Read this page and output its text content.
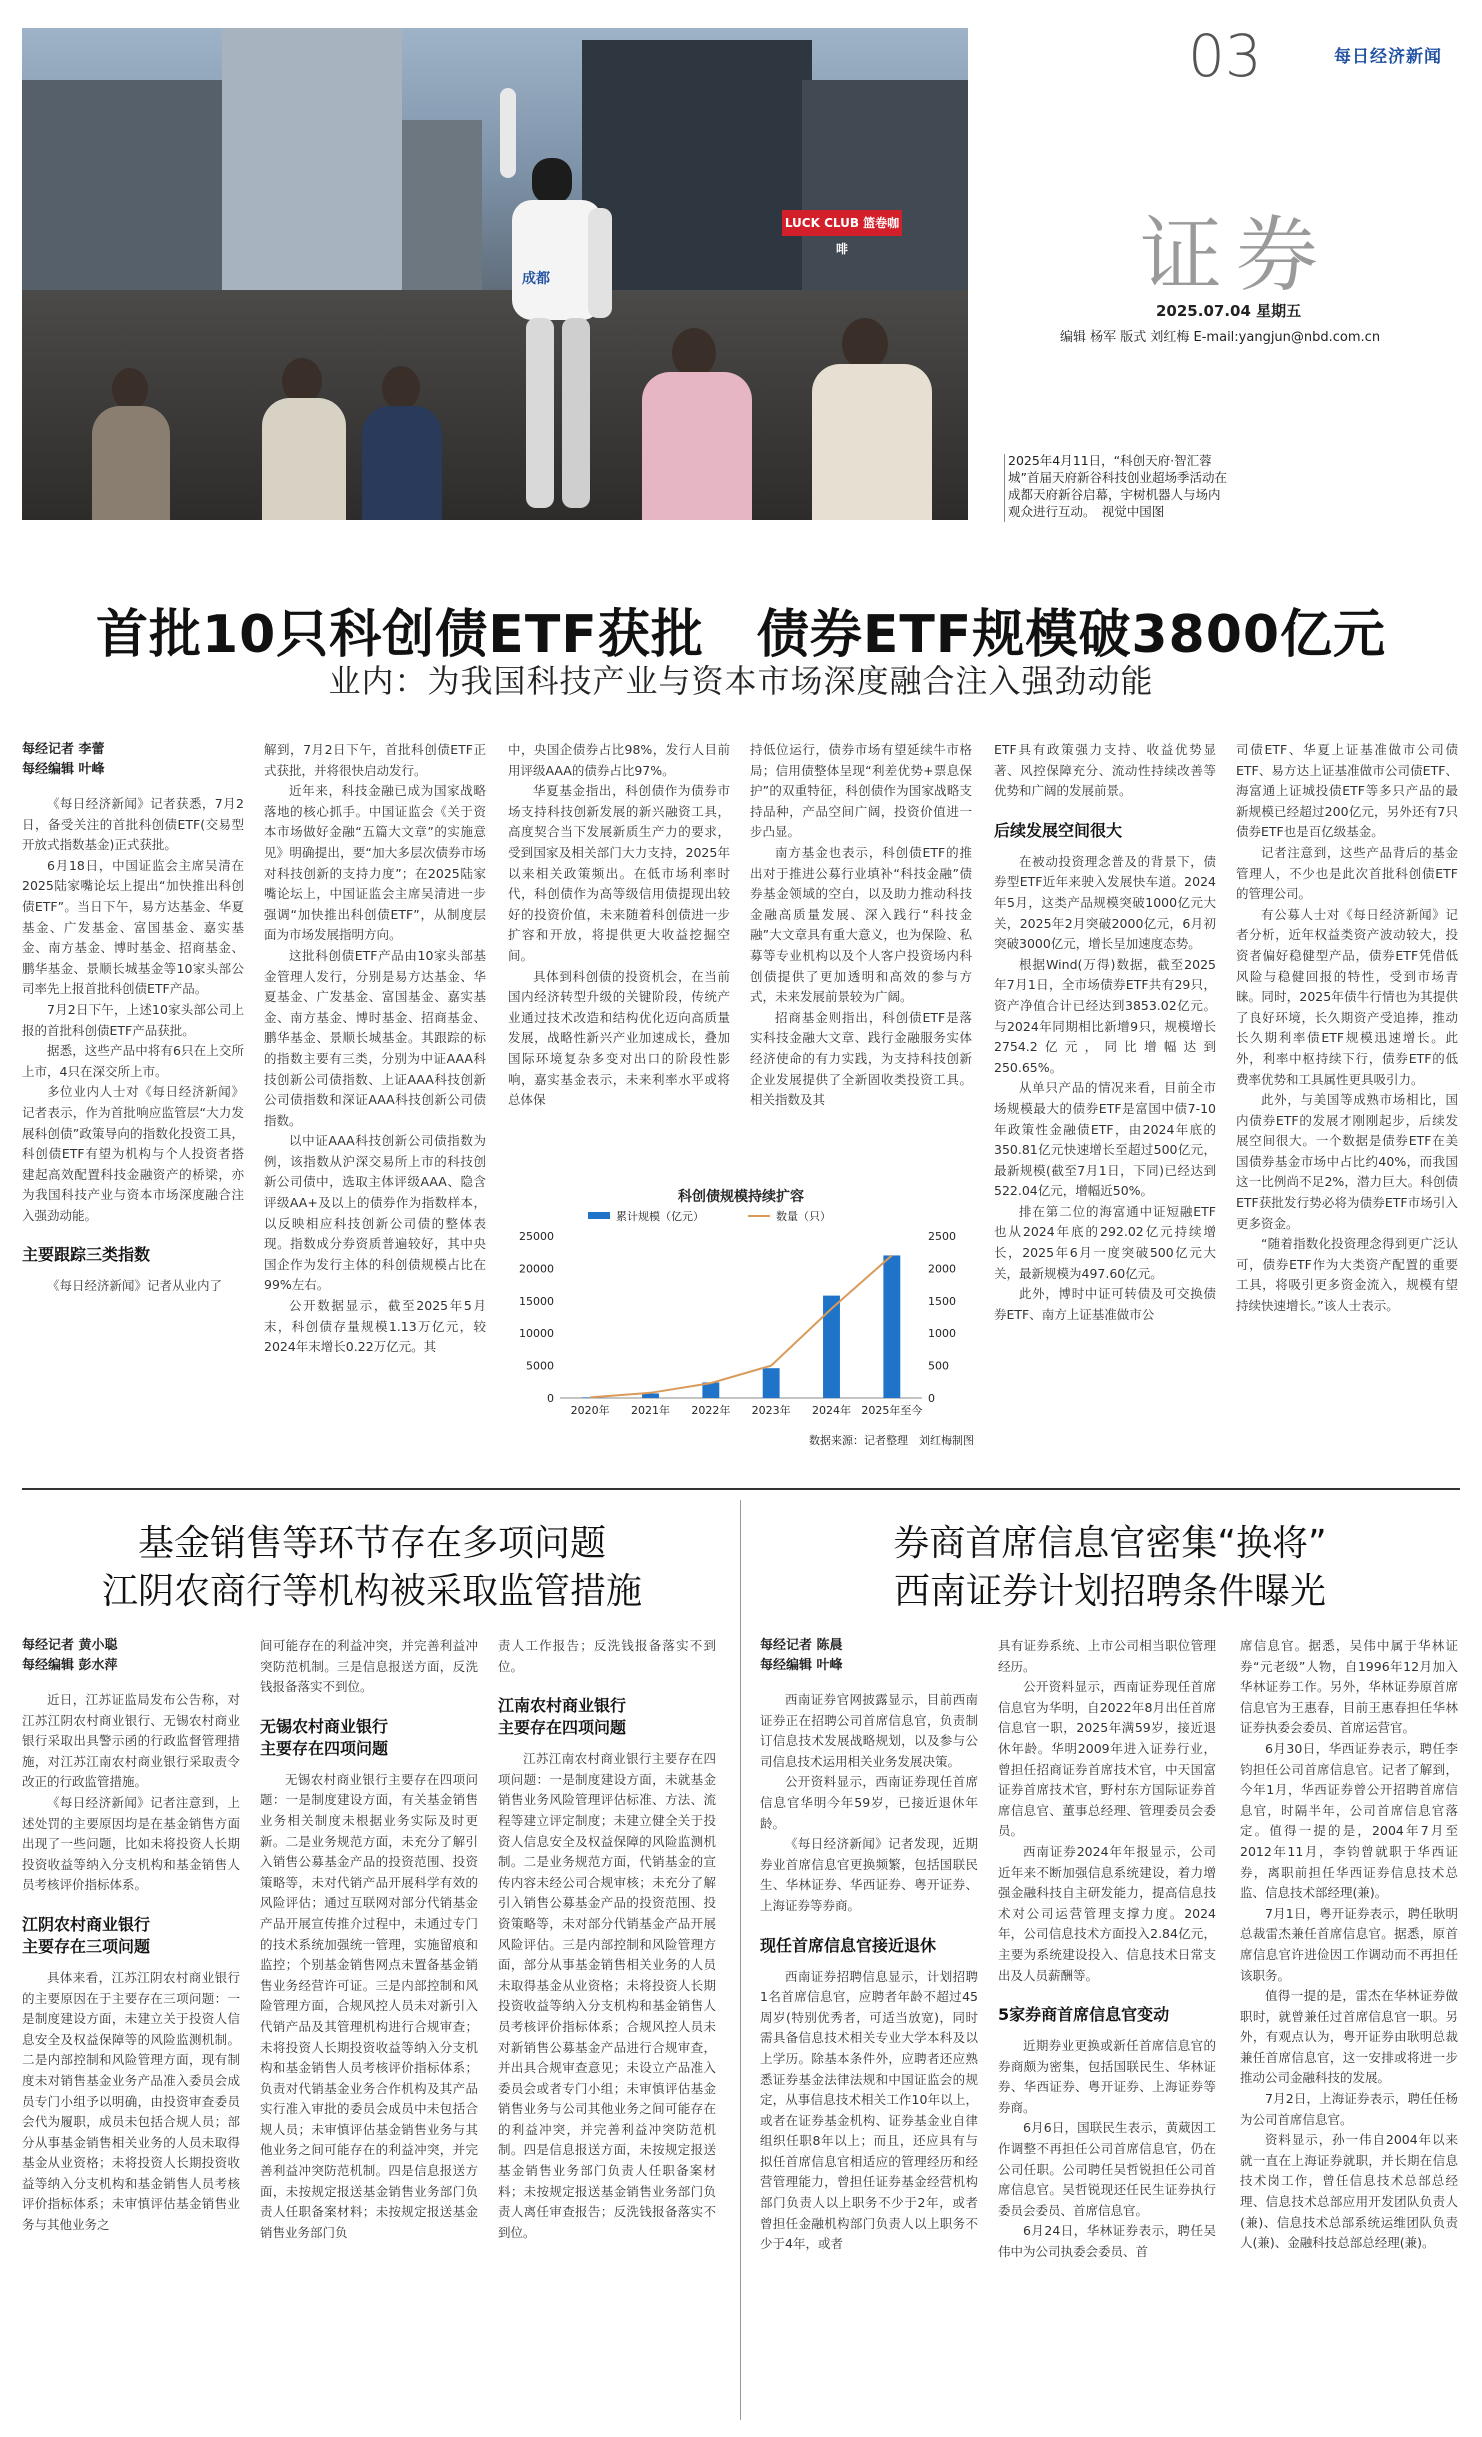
LUCK CLUB 篮卷咖啡
成都
03	每日经济新闻
证券
2025.07.04 星期五
编辑 杨军 版式 刘红梅 E-mail:yangjun@nbd.com.cn
2025年4月11日，“科创天府·智汇蓉城”首届天府新谷科技创业超场季活动在成都天府新谷启幕，宇树机器人与场内观众进行互动。　视觉中国图
首批10只科创债ETF获批　债券ETF规模破3800亿元
业内：为我国科技产业与资本市场深度融合注入强劲动能
每经记者 李蕾
每经编辑 叶峰

《每日经济新闻》记者获悉，7月2日，备受关注的首批科创债ETF(交易型开放式指数基金)正式获批。

6月18日，中国证监会主席吴清在2025陆家嘴论坛上提出“加快推出科创债ETF”。当日下午，易方达基金、华夏基金、广发基金、富国基金、嘉实基金、南方基金、博时基金、招商基金、鹏华基金、景顺长城基金等10家头部公司率先上报首批科创债ETF产品。

7月2日下午，上述10家头部公司上报的首批科创债ETF产品获批。

据悉，这些产品中将有6只在上交所上市，4只在深交所上市。

多位业内人士对《每日经济新闻》记者表示，作为首批响应监管层“大力发展科创债”政策导向的指数化投资工具，科创债ETF有望为机构与个人投资者搭建起高效配置科技金融资产的桥梁，亦为我国科技产业与资本市场深度融合注入强劲动能。

主要跟踪三类指数

《每日经济新闻》记者从业内了

解到，7月2日下午，首批科创债ETF正式获批，并将很快启动发行。

近年来，科技金融已成为国家战略落地的核心抓手。中国证监会《关于资本市场做好金融“五篇大文章”的实施意见》明确提出，要“加大多层次债券市场对科技创新的支持力度”；在2025陆家嘴论坛上，中国证监会主席吴清进一步强调“加快推出科创债ETF”，从制度层面为市场发展指明方向。

这批科创债ETF产品由10家头部基金管理人发行，分别是易方达基金、华夏基金、广发基金、富国基金、嘉实基金、南方基金、博时基金、招商基金、鹏华基金、景顺长城基金。其跟踪的标的指数主要有三类，分别为中证AAA科技创新公司债指数、上证AAA科技创新公司债指数和深证AAA科技创新公司债指数。

以中证AAA科技创新公司债指数为例，该指数从沪深交易所上市的科技创新公司债中，选取主体评级AAA、隐含评级AA+及以上的债券作为指数样本，以反映相应科技创新公司债的整体表现。指数成分券资质普遍较好，其中央国企作为发行主体的科创债规模占比在99%左右。

公开数据显示，截至2025年5月末，科创债存量规模1.13万亿元，较2024年末增长0.22万亿元。其

中，央国企债券占比98%，发行人目前用评级AAA的债券占比97%。

华夏基金指出，科创债作为债券市场支持科技创新发展的新兴融资工具，高度契合当下发展新质生产力的要求，受到国家及相关部门大力支持，2025年以来相关政策频出。在低市场利率时代，科创债作为高等级信用债提现出较好的投资价值，未来随着科创债进一步扩容和开放，将提供更大收益挖掘空间。

具体到科创债的投资机会，在当前国内经济转型升级的关键阶段，传统产业通过技术改造和结构优化迈向高质量发展，战略性新兴产业加速成长，叠加国际环境复杂多变对出口的阶段性影响，嘉实基金表示，未来利率水平或将总体保

持低位运行，债券市场有望延续牛市格局；信用债整体呈现“利差优势+票息保护”的双重特征，科创债作为国家战略支持品种，产品空间广阔，投资价值进一步凸显。

南方基金也表示，科创债ETF的推出对于推进公募行业填补“科技金融”债券基金领域的空白，以及助力推动科技金融高质量发展、深入践行“科技金融”大文章具有重大意义，也为保险、私募等专业机构以及个人客户投资场内科创债提供了更加透明和高效的参与方式，未来发展前景较为广阔。

招商基金则指出，科创债ETF是落实科技金融大文章、践行金融服务实体经济使命的有力实践，为支持科技创新企业发展提供了全新固收类投资工具。相关指数及其

ETF具有政策强力支持、收益优势显著、风控保障充分、流动性持续改善等优势和广阔的发展前景。

后续发展空间很大

在被动投资理念普及的背景下，债券型ETF近年来驶入发展快车道。2024年5月，这类产品规模突破1000亿元大关，2025年2月突破2000亿元，6月初突破3000亿元，增长呈加速度态势。

根据Wind(万得)数据，截至2025年7月1日，全市场债券ETF共有29只，资产净值合计已经达到3853.02亿元。与2024年同期相比新增9只，规模增长2754.2亿元，同比增幅达到250.65%。

从单只产品的情况来看，目前全市场规模最大的债券ETF是富国中债7-10年政策性金融债ETF，由2024年底的350.81亿元快速增长至超过500亿元，最新规模(截至7月1日，下同)已经达到522.04亿元，增幅近50%。

排在第二位的海富通中证短融ETF也从2024年底的292.02亿元持续增长，2025年6月一度突破500亿元大关，最新规模为497.60亿元。

此外，博时中证可转债及可交换债券ETF、南方上证基准做市公

司债ETF、华夏上证基准做市公司债ETF、易方达上证基准做市公司债ETF、海富通上证城投债ETF等多只产品的最新规模已经超过200亿元，另外还有7只债券ETF也是百亿级基金。

记者注意到，这些产品背后的基金管理人，不少也是此次首批科创债ETF的管理公司。

有公募人士对《每日经济新闻》记者分析，近年权益类资产波动较大，投资者偏好稳健型产品，债券ETF凭借低风险与稳健回报的特性，受到市场青睐。同时，2025年债牛行情也为其提供了良好环境，长久期资产受追捧，推动长久期利率债ETF规模迅速增长。此外，利率中枢持续下行，债券ETF的低费率优势和工具属性更具吸引力。

此外，与美国等成熟市场相比，国内债券ETF的发展才刚刚起步，后续发展空间很大。一个数据是债券ETF在美国债券基金市场中占比约40%，而我国这一比例尚不足2%，潜力巨大。科创债ETF获批发行势必将为债券ETF市场引入更多资金。

“随着指数化投资理念得到更广泛认可，债券ETF作为大类资产配置的重要工具，将吸引更多资金流入，规模有望持续快速增长。”该人士表示。

科创债规模持续扩容
累计规模（亿元）	数量（只）
0
5000
10000
15000
20000
25000
0
500
1000
1500
2000
2500
2020年 2021年 2022年 2023年 2024年 2025年至今
数据来源：记者整理　刘红梅制图
基金销售等环节存在多项问题
江阴农商行等机构被采取监管措施
每经记者 黄小聪
每经编辑 彭水萍

近日，江苏证监局发布公告称，对江苏江阴农村商业银行、无锡农村商业银行采取出具警示函的行政监督管理措施，对江苏江南农村商业银行采取责令改正的行政监管措施。

《每日经济新闻》记者注意到，上述处罚的主要原因均是在基金销售方面出现了一些问题，比如未将投资人长期投资收益等纳入分支机构和基金销售人员考核评价指标体系。

江阴农村商业银行
主要存在三项问题

具体来看，江苏江阴农村商业银行的主要原因在于主要存在三项问题：一是制度建设方面，未建立关于投资人信息安全及权益保障等的风险监测机制。二是内部控制和风险管理方面，现有制度未对销售基金业务产品准入委员会成员专门小组予以明确，由投资审查委员会代为履职，成员未包括合规人员；部分从事基金销售相关业务的人员未取得基金从业资格；未将投资人长期投资收益等纳入分支机构和基金销售人员考核评价指标体系；未审慎评估基金销售业务与其他业务之

间可能存在的利益冲突，并完善利益冲突防范机制。三是信息报送方面，反洗钱报备落实不到位。

无锡农村商业银行
主要存在四项问题

无锡农村商业银行主要存在四项问题：一是制度建设方面，有关基金销售业务相关制度未根据业务实际及时更新。二是业务规范方面，未充分了解引入销售公募基金产品的投资范围、投资策略等，未对代销产品开展科学有效的风险评估；通过互联网对部分代销基金产品开展宣传推介过程中，未通过专门的技术系统加强统一管理，实施留痕和监控；个别基金销售网点未置备基金销售业务经营许可证。三是内部控制和风险管理方面，合规风控人员未对新引入代销产品及其管理机构进行合规审查；未将投资人长期投资收益等纳入分支机构和基金销售人员考核评价指标体系；负责对代销基金业务合作机构及其产品实行准入审批的委员会成员中未包括合规人员；未审慎评估基金销售业务与其他业务之间可能存在的利益冲突，并完善利益冲突防范机制。四是信息报送方面，未按规定报送基金销售业务部门负责人任职备案材料；未按规定报送基金销售业务部门负

责人工作报告；反洗钱报备落实不到位。

江南农村商业银行
主要存在四项问题

江苏江南农村商业银行主要存在四项问题：一是制度建设方面，未就基金销售业务风险管理评估标准、方法、流程等建立评定制度；未建立健全关于投资人信息安全及权益保障的风险监测机制。二是业务规范方面，代销基金的宣传内容未经公司合规审核；未充分了解引入销售公募基金产品的投资范围、投资策略等，未对部分代销基金产品开展风险评估。三是内部控制和风险管理方面，部分从事基金销售相关业务的人员未取得基金从业资格；未将投资人长期投资收益等纳入分支机构和基金销售人员考核评价指标体系；合规风控人员未对新销售公募基金产品进行合规审查，并出具合规审查意见；未设立产品准入委员会或者专门小组；未审慎评估基金销售业务与公司其他业务之间可能存在的利益冲突，并完善利益冲突防范机制。四是信息报送方面，未按规定报送基金销售业务部门负责人任职备案材料；未按规定报送基金销售业务部门负责人离任审查报告；反洗钱报备落实不到位。

券商首席信息官密集“换将”
西南证券计划招聘条件曝光
每经记者 陈晨
每经编辑 叶峰

西南证券官网披露显示，目前西南证券正在招聘公司首席信息官，负责制订信息技术发展战略规划，以及参与公司信息技术运用相关业务发展决策。

公开资料显示，西南证券现任首席信息官华明今年59岁，已接近退休年龄。

《每日经济新闻》记者发现，近期券业首席信息官更换频繁，包括国联民生、华林证券、华西证券、粤开证券、上海证券等券商。

现任首席信息官接近退休

西南证券招聘信息显示，计划招聘1名首席信息官，应聘者年龄不超过45周岁(特别优秀者，可适当放宽)，同时需具备信息技术相关专业大学本科及以上学历。除基本条件外，应聘者还应熟悉证券基金法律法规和中国证监会的规定，从事信息技术相关工作10年以上，或者在证券基金机构、证券基金业自律组织任职8年以上；而且，还应具有与拟任首席信息官相适应的管理经历和经营管理能力，曾担任证券基金经营机构部门负责人以上职务不少于2年，或者曾担任金融机构部门负责人以上职务不少于4年，或者

具有证券系统、上市公司相当职位管理经历。

公开资料显示，西南证券现任首席信息官为华明，自2022年8月出任首席信息官一职，2025年满59岁，接近退休年龄。华明2009年进入证券行业，曾担任招商证券首席技术官，中天国富证券首席技术官，野村东方国际证券首席信息官、董事总经理、管理委员会委员。

西南证券2024年年报显示，公司近年来不断加强信息系统建设，着力增强金融科技自主研发能力，提高信息技术对公司运营管理支撑力度。2024年，公司信息技术方面投入2.84亿元，主要为系统建设投入、信息技术日常支出及人员薪酬等。

5家券商首席信息官变动

近期券业更换或新任首席信息官的券商颇为密集，包括国联民生、华林证券、华西证券、粤开证券、上海证券等券商。

6月6日，国联民生表示，黄葳因工作调整不再担任公司首席信息官，仍在公司任职。公司聘任吴哲锐担任公司首席信息官。吴哲锐现还任民生证券执行委员会委员、首席信息官。

6月24日，华林证券表示，聘任吴伟中为公司执委会委员、首

席信息官。据悉，吴伟中属于华林证券“元老级”人物，自1996年12月加入华林证券工作。另外，华林证券原首席信息官为王惠春，目前王惠春担任华林证券执委会委员、首席运营官。

6月30日，华西证券表示，聘任李钧担任公司首席信息官。记者了解到，今年1月，华西证券曾公开招聘首席信息官，时隔半年，公司首席信息官落定。值得一提的是，2004年7月至2012年11月，李钧曾就职于华西证券，离职前担任华西证券信息技术总监、信息技术部经理(兼)。

7月1日，粤开证券表示，聘任耿明总裁雷杰兼任首席信息官。据悉，原首席信息官许进俭因工作调动而不再担任该职务。

值得一提的是，雷杰在华林证券做职时，就曾兼任过首席信息官一职。另外，有观点认为，粤开证券由耿明总裁兼任首席信息官，这一安排或将进一步推动公司金融科技的发展。

7月2日，上海证券表示，聘任任杨为公司首席信息官。

资料显示，孙一伟自2004年以来就一直在上海证券就职，并长期在信息技术岗工作，曾任信息技术总部总经理、信息技术总部应用开发团队负责人(兼)、信息技术总部系统运维团队负责人(兼)、金融科技总部总经理(兼)。
